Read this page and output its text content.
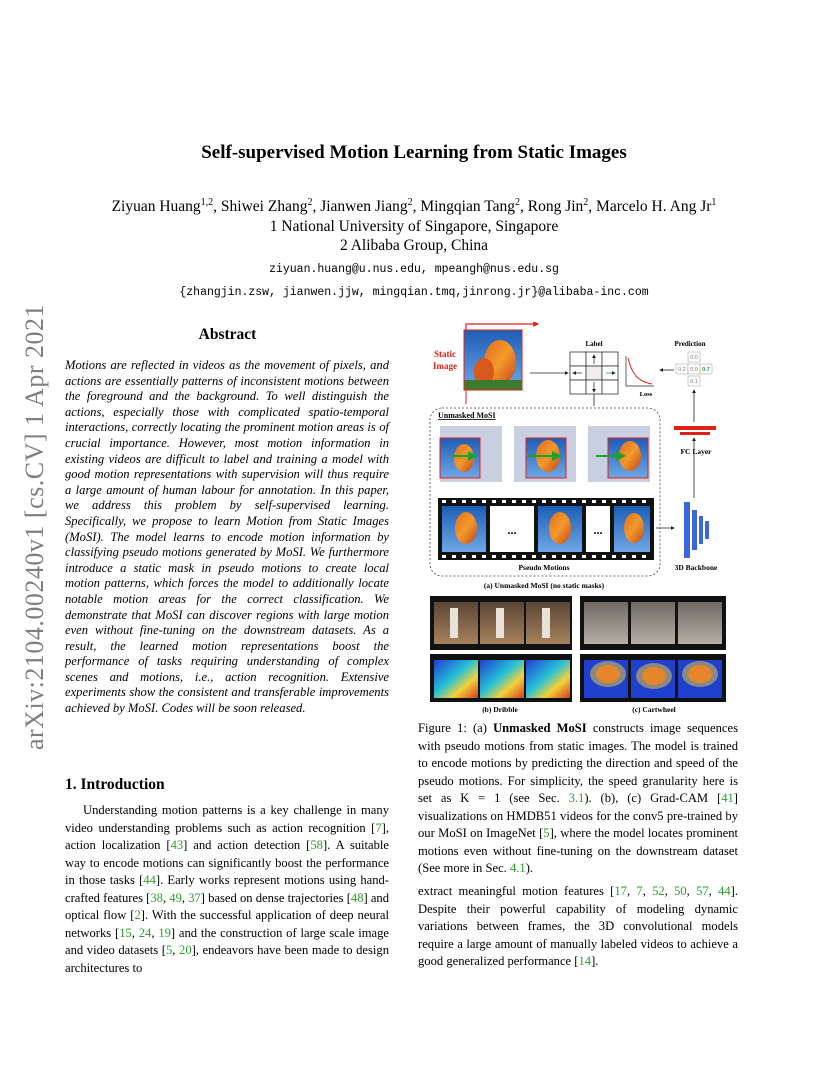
arXiv:2104.00240v1 [cs.CV] 1 Apr 2021
Self-supervised Motion Learning from Static Images
Ziyuan Huang$^{1,2}$, Shiwei Zhang$^2$, Jianwen Jiang$^2$, Mingqian Tang$^2$, Rong Jin$^2$, Marcelo H. Ang Jr$^1$
1 National University of Singapore, Singapore
2 Alibaba Group, China
ziyuan.huang@u.nus.edu, mpeangh@nus.edu.sg
{zhangjin.zsw, jianwen.jjw, mingqian.tmq,jinrong.jr}@alibaba-inc.com
Abstract
Motions are reflected in videos as the movement of pixels, and actions are essentially patterns of inconsistent motions between the foreground and the background. To well distinguish the actions, especially those with complicated spatio-temporal interactions, correctly locating the prominent motion areas is of crucial importance. However, most motion information in existing videos are difficult to label and training a model with good motion representations with supervision will thus require a large amount of human labour for annotation. In this paper, we address this problem by self-supervised learning. Specifically, we propose to learn Motion from Static Images (MoSI). The model learns to encode motion information by classifying pseudo motions generated by MoSI. We furthermore introduce a static mask in pseudo motions to create local motion patterns, which forces the model to additionally locate notable motion areas for the correct classification. We demonstrate that MoSI can discover regions with large motion even without fine-tuning on the downstream datasets. As a result, the learned motion representations boost the performance of tasks requiring understanding of complex scenes and motions, i.e., action recognition. Extensive experiments show the consistent and transferable improvements achieved by MoSI. Codes will be soon released.
1. Introduction
Understanding motion patterns is a key challenge in many video understanding problems such as action recognition [7], action localization [43] and action detection [58]. A suitable way to encode motions can significantly boost the performance in those tasks [44]. Early works represent motions using hand-crafted features [38, 49, 37] based on dense trajectories [48] and optical flow [2]. With the successful application of deep neural networks [15, 24, 19] and the construction of large scale image and video datasets [5, 20], endeavors have been made to design architectures to
extract meaningful motion features [17, 7, 52, 50, 57, 44]. Despite their powerful capability of modeling dynamic variations between frames, the 3D convolutional models require a large amount of manually labeled videos to achieve a good generalized performance [14].
Figure 1: (a) Unmasked MoSI constructs image sequences with pseudo motions from static images. The model is trained to encode motions by predicting the direction and speed of the pseudo motions. For simplicity, the speed granularity here is set as K = 1 (see Sec. 3.1). (b), (c) Grad-CAM [41] visualizations on HMDB51 videos for the conv5 pre-trained by our MoSI on ImageNet [5], where the model locates prominent motions even without fine-tuning on the downstream dataset (See more in Sec. 4.1).
Static
Image
Label
Loss
Prediction
0.0
0.2 0.0 0.7
0.1
Unmasked MoSI
...	...
Pseudo Motions
FC Layer
3D Backbone
(a) Unmasked MoSI (no static masks)
(b) Dribble	(c) Cartwheel
